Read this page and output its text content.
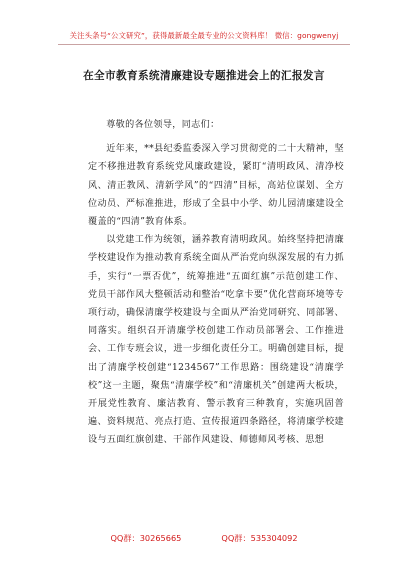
关注头条号“公文研究”，获得最新最全最专业的公文资料库！ 微信：gongwenyj
在全市教育系统清廉建设专题推进会上的汇报发言

尊敬的各位领导，同志们：

近年来，**县纪委监委深入学习贯彻党的二十大精神，坚定不移推进教育系统党风廉政建设，紧盯“清明政风、清净校风、清正教风、清新学风”的“四清”目标，高站位谋划、全方位动员、严标准推进，形成了全县中小学、幼儿园清廉建设全覆盖的“四清”教育体系。

以党建工作为统领，涵养教育清明政风。始终坚持把清廉学校建设作为推动教育系统全面从严治党向纵深发展的有力抓手，实行“一票否优”，统筹推进“五面红旗”示范创建工作、党员干部作风大整顿活动和整治“吃拿卡要”优化营商环境等专项行动，确保清廉学校建设与全面从严治党同研究、同部署、同落实。组织召开清廉学校创建工作动员部署会、工作推进会、工作专班会议，进一步细化责任分工。明确创建目标，提出了清廉学校创建“1234567”工作思路：围绕建设“清廉学校”这一主题，聚焦“清廉学校”和“清廉机关”创建两大板块，开展党性教育、廉洁教育、警示教育三种教育，实施巩固普遍、资料规范、亮点打造、宣传报道四条路径，将清廉学校建设与五面红旗创建、干部作风建设、师德师风考核、思想

QQ群：30265665	QQ群：535304092
